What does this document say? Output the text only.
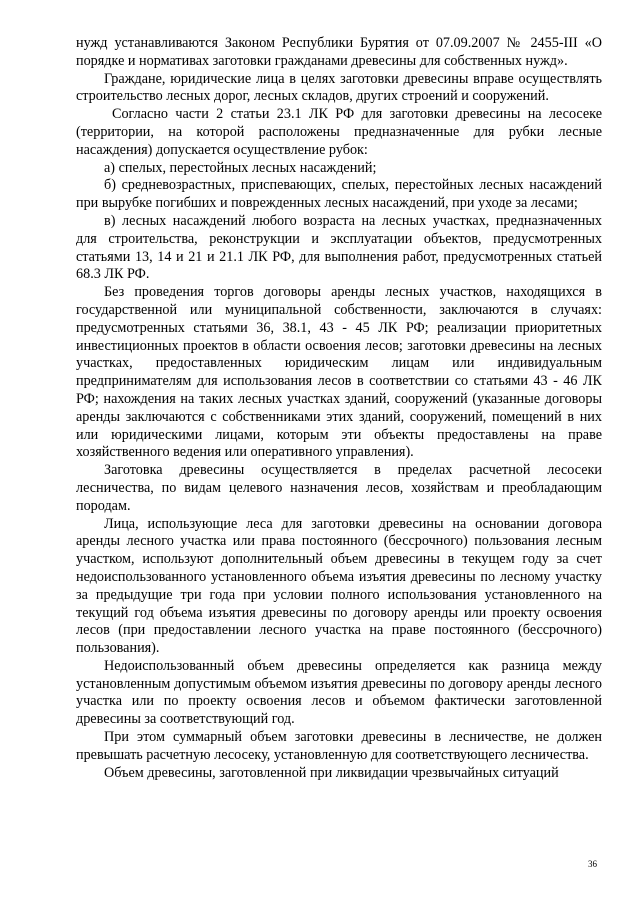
нужд устанавливаются Законом Республики Бурятия от 07.09.2007 № 2455-III «О порядке и нормативах заготовки гражданами древесины для собственных нужд».

Граждане, юридические лица в целях заготовки древесины вправе осуществлять строительство лесных дорог, лесных складов, других строений и сооружений.

Согласно части 2 статьи 23.1 ЛК РФ для заготовки древесины на лесосеке (территории, на которой расположены предназначенные для рубки лесные насаждения) допускается осуществление рубок:

а) спелых, перестойных лесных насаждений;

б) средневозрастных, приспевающих, спелых, перестойных лесных насаждений при вырубке погибших и поврежденных лесных насаждений, при уходе за лесами;

в) лесных насаждений любого возраста на лесных участках, предназначенных для строительства, реконструкции и эксплуатации объектов, предусмотренных статьями 13, 14 и 21 и 21.1 ЛК РФ, для выполнения работ, предусмотренных статьей 68.3 ЛК РФ.

Без проведения торгов договоры аренды лесных участков, находящихся в государственной или муниципальной собственности, заключаются в случаях: предусмотренных статьями 36, 38.1, 43 - 45 ЛК РФ; реализации приоритетных инвестиционных проектов в области освоения лесов; заготовки древесины на лесных участках, предоставленных юридическим лицам или индивидуальным предпринимателям для использования лесов в соответствии со статьями 43 - 46 ЛК РФ; нахождения на таких лесных участках зданий, сооружений (указанные договоры аренды заключаются с собственниками этих зданий, сооружений, помещений в них или юридическими лицами, которым эти объекты предоставлены на праве хозяйственного ведения или оперативного управления).

Заготовка древесины осуществляется в пределах расчетной лесосеки лесничества, по видам целевого назначения лесов, хозяйствам и преобладающим породам.

Лица, использующие леса для заготовки древесины на основании договора аренды лесного участка или права постоянного (бессрочного) пользования лесным участком, используют дополнительный объем древесины в текущем году за счет недоиспользованного установленного объема изъятия древесины по лесному участку за предыдущие три года при условии полного использования установленного на текущий год объема изъятия древесины по договору аренды или проекту освоения лесов (при предоставлении лесного участка на праве постоянного (бессрочного) пользования).

Недоиспользованный объем древесины определяется как разница между установленным допустимым объемом изъятия древесины по договору аренды лесного участка или по проекту освоения лесов и объемом фактически заготовленной древесины за соответствующий год.

При этом суммарный объем заготовки древесины в лесничестве, не должен превышать расчетную лесосеку, установленную для соответствующего лесничества.

Объем древесины, заготовленной при ликвидации чрезвычайных ситуаций

36
